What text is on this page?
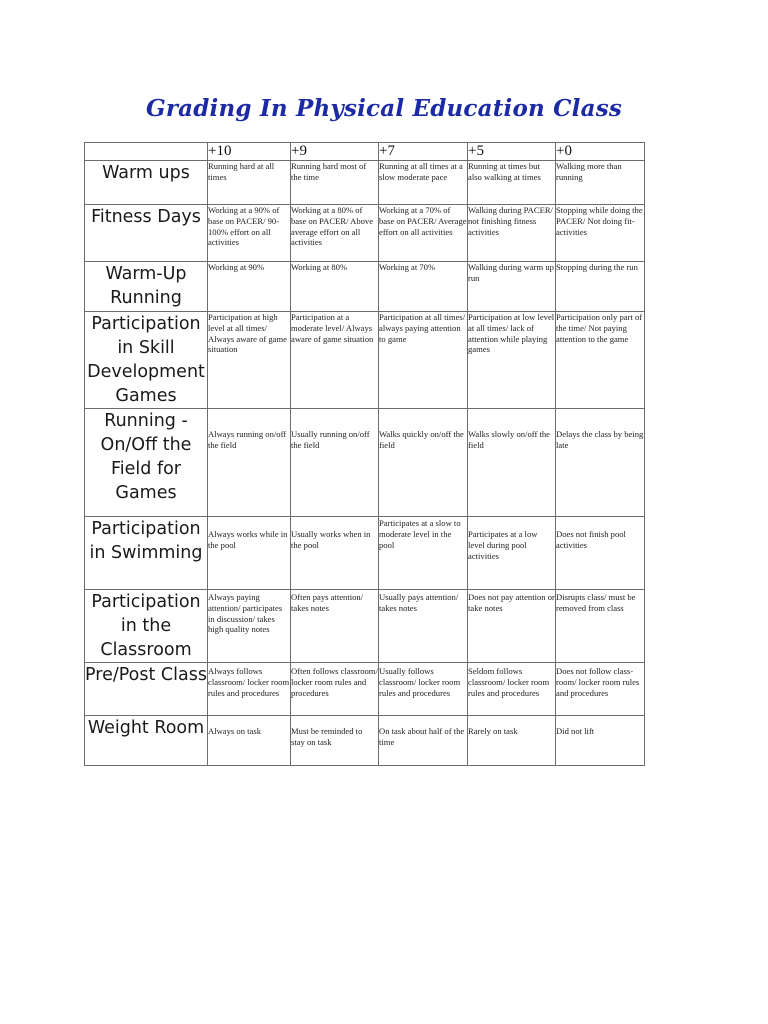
Grading In Physical Education Class
	+10	+9	+7	+5	+0
Warm ups	Running hard at all times	Running hard most of the time	Running at all times at a slow moderate pace	Running at times but also walking at times	Walking more than running
Fitness Days	Working at a 90% of base on PACER/ 90-100% effort on all activities	Working at a 80% of base on PACER/ Above average effort on all activities	Working at a 70% of base on PACER/ Average effort on all activities	Walking during PACER/ not finishing fitness activities	Stopping while doing the PACER/ Not doing fit-activities
Warm-Up Running	Working at 90%	Working at 80%	Working at 70%	Walking during warm up run	Stopping during the run
Participation in Skill Development Games	Participation at high level at all times/ Always aware of game situation	Participation at a moderate level/ Always aware of game situation	Participation at all times/ always paying attention to game	Participation at low level at all times/ lack of attention while playing games	Participation only part of the time/ Not paying attention to the game
Running - On/Off the Field for Games	Always running on/off the field	Usually running on/off the field	Walks quickly on/off the field	Walks slowly on/off the field	Delays the class by being late
Participation in Swimming	Always works while in the pool	Usually works when in the pool	Participates at a slow to moderate level in the pool	Participates at a low level during pool activities	Does not finish pool activities
Participation in the Classroom	Always paying attention/ participates in discussion/ takes high quality notes	Often pays attention/ takes notes	Usually pays attention/ takes notes	Does not pay attention or take notes	Disrupts class/ must be removed from class
Pre/Post Class	Always follows classroom/ locker room rules and procedures	Often follows classroom/ locker room rules and procedures	Usually follows classroom/ locker room rules and procedures	Seldom follows classroom/ locker room rules and procedures	Does not follow class- room/ locker room rules and procedures
Weight Room	Always on task	Must be reminded to stay on task	On task about half of the time	Rarely on task	Did not lift
